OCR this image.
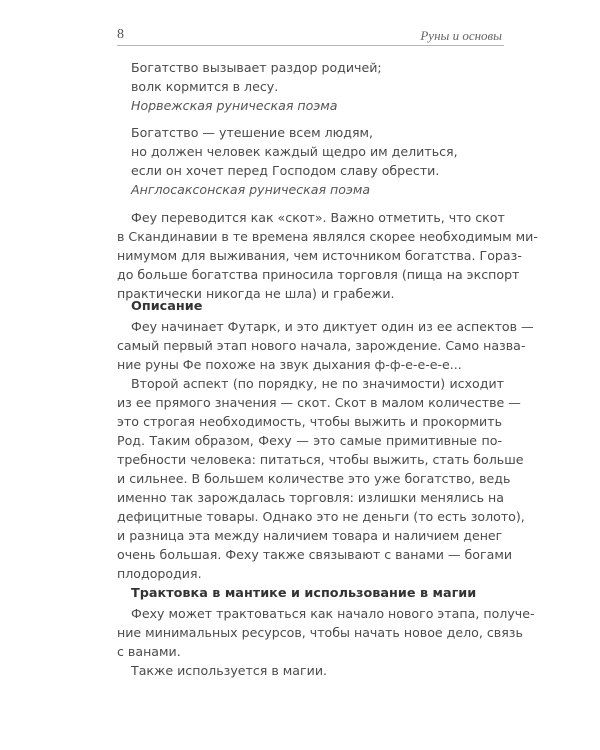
8	Руны и основы
Богатство вызывает раздор родичей;
волк кормится в лесу.
Норвежская руническая поэма
Богатство — утешение всем людям,
но должен человек каждый щедро им делиться,
если он хочет перед Господом славу обрести.
Англосаксонская руническая поэма
Феу переводится как «скот». Важно отметить, что скот
в Скандинавии в те времена являлся скорее необходимым ми-
нимумом для выживания, чем источником богатства. Гораз-
до больше богатства приносила торговля (пища на экспорт
практически никогда не шла) и грабежи.
Описание
Феу начинает Футарк, и это диктует один из ее аспектов —
самый первый этап нового начала, зарождение. Само назва-
ние руны Фе похоже на звук дыхания ф-ф-е-е-е-е...
Второй аспект (по порядку, не по значимости) исходит
из ее прямого значения — скот. Скот в малом количестве —
это строгая необходимость, чтобы выжить и прокормить
Род. Таким образом, Феху — это самые примитивные по-
требности человека: питаться, чтобы выжить, стать больше
и сильнее. В большем количестве это уже богатство, ведь
именно так зарождалась торговля: излишки менялись на
дефицитные товары. Однако это не деньги (то есть золото),
и разница эта между наличием товара и наличием денег
очень большая. Феху также связывают с ванами — богами
плодородия.
Трактовка в мантике и использование в магии
Феху может трактоваться как начало нового этапа, получе-
ние минимальных ресурсов, чтобы начать новое дело, связь
с ванами.
Также используется в магии.
